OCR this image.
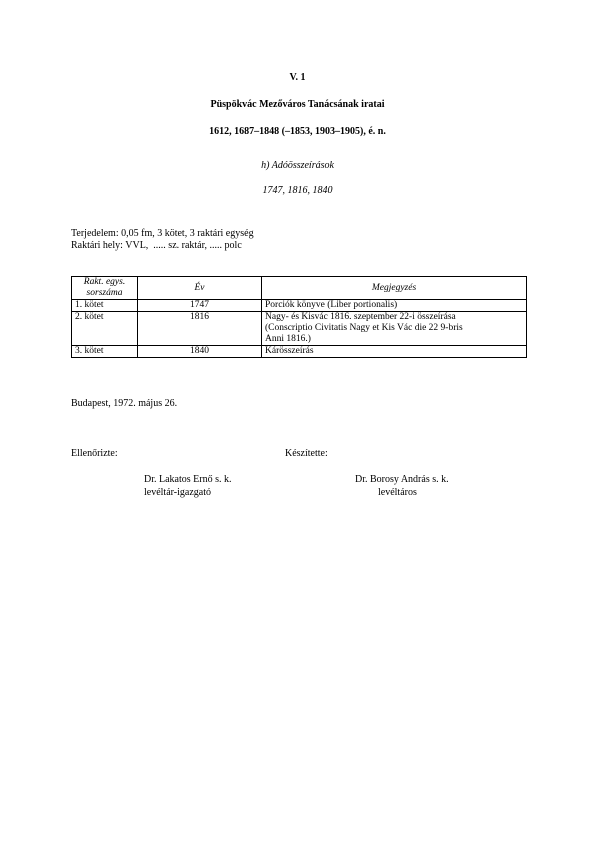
V. 1
Püspökvác Mezőváros Tanácsának iratai
1612, 1687–1848 (–1853, 1903–1905), é. n.
h) Adóösszeírások
1747, 1816, 1840
Terjedelem: 0,05 fm, 3 kötet, 3 raktári egység
Raktári hely: VVL,  ..... sz. raktár, ..... polc
Rakt. egys.
sorszáma	Év	Megjegyzés
1. kötet	1747	Porciók könyve (Liber portionalis)

2. kötet	1816	Nagy- és Kisvác 1816. szeptember 22-i összeírása
(Conscriptio Civitatis Nagy et Kis Vác die 22 9-bris
Anni 1816.)

3. kötet	1840	Kárösszeírás
Budapest, 1972. május 26.
Ellenőrizte:	Készítette:
Dr. Lakatos Ernő s. k.
levéltár-igazgató
Dr. Borosy András s. k.
levéltáros
